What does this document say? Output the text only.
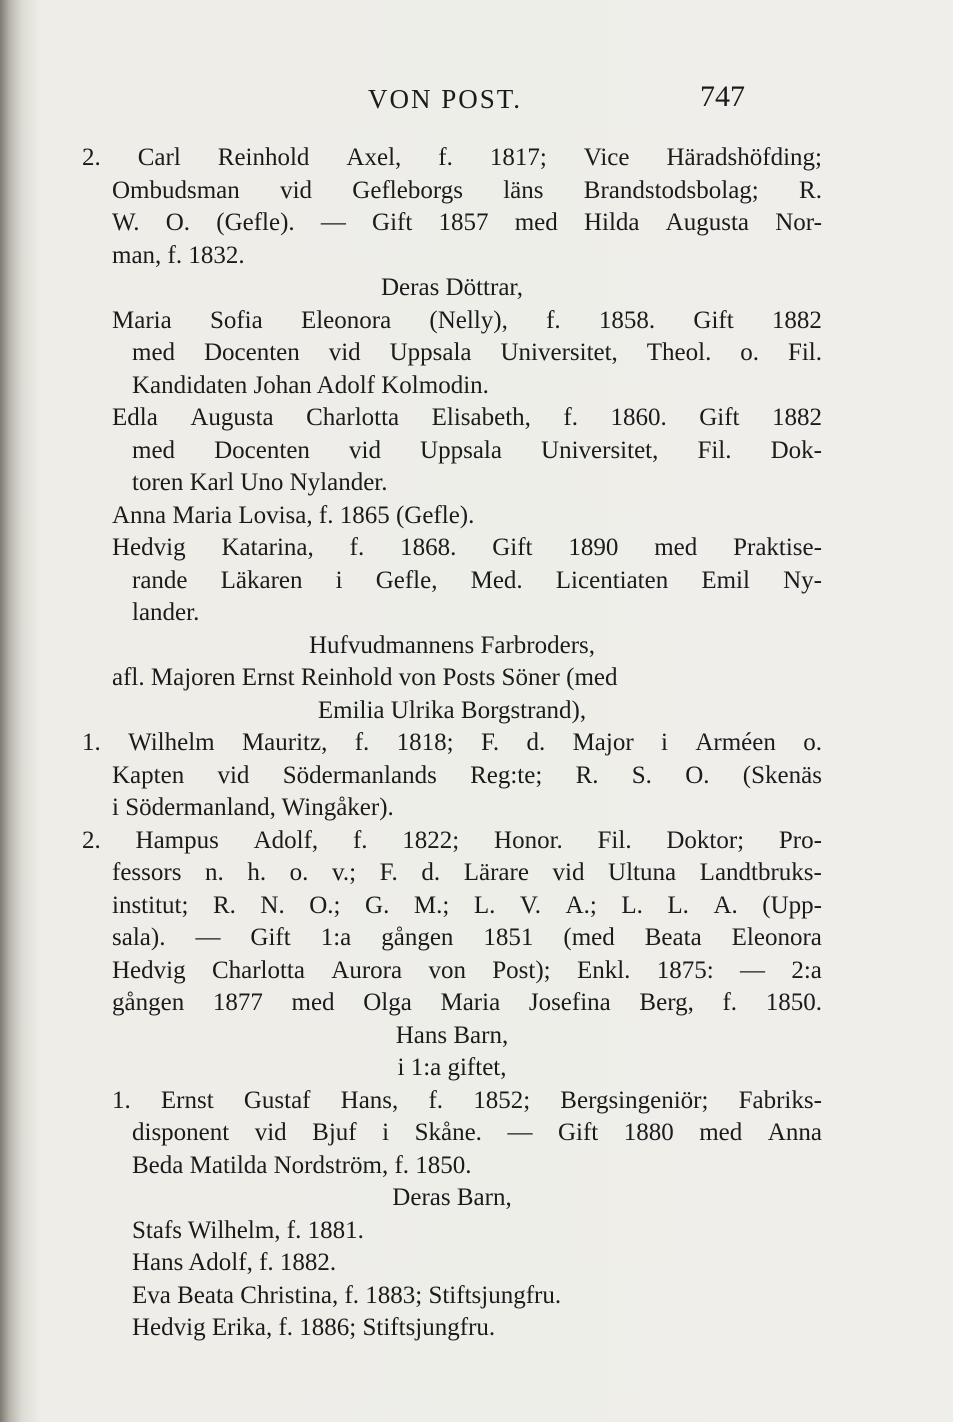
VON POST.	747
2. Carl Reinhold Axel, f. 1817; Vice Häradshöfding;
Ombudsman vid Gefleborgs läns Brandstodsbolag; R.
W. O. (Gefle). — Gift 1857 med Hilda Augusta Nor-
man, f. 1832.
Deras Döttrar,
Maria Sofia Eleonora (Nelly), f. 1858. Gift 1882
med Docenten vid Uppsala Universitet, Theol. o. Fil.
Kandidaten Johan Adolf Kolmodin.
Edla Augusta Charlotta Elisabeth, f. 1860. Gift 1882
med Docenten vid Uppsala Universitet, Fil. Dok-
toren Karl Uno Nylander.
Anna Maria Lovisa, f. 1865 (Gefle).
Hedvig Katarina, f. 1868. Gift 1890 med Praktise-
rande Läkaren i Gefle, Med. Licentiaten Emil Ny-
lander.
Hufvudmannens Farbroders,
afl. Majoren Ernst Reinhold von Posts Söner (med
Emilia Ulrika Borgstrand),
1. Wilhelm Mauritz, f. 1818; F. d. Major i Arméen o.
Kapten vid Södermanlands Reg:te; R. S. O. (Skenäs
i Södermanland, Wingåker).
2. Hampus Adolf, f. 1822; Honor. Fil. Doktor; Pro-
fessors n. h. o. v.; F. d. Lärare vid Ultuna Landtbruks-
institut; R. N. O.; G. M.; L. V. A.; L. L. A. (Upp-
sala). — Gift 1:a gången 1851 (med Beata Eleonora
Hedvig Charlotta Aurora von Post); Enkl. 1875: — 2:a
gången 1877 med Olga Maria Josefina Berg, f. 1850.
Hans Barn,
i 1:a giftet,
1. Ernst Gustaf Hans, f. 1852; Bergsingeniör; Fabriks-
disponent vid Bjuf i Skåne. — Gift 1880 med Anna
Beda Matilda Nordström, f. 1850.
Deras Barn,
Stafs Wilhelm, f. 1881.
Hans Adolf, f. 1882.
Eva Beata Christina, f. 1883; Stiftsjungfru.
Hedvig Erika, f. 1886; Stiftsjungfru.
